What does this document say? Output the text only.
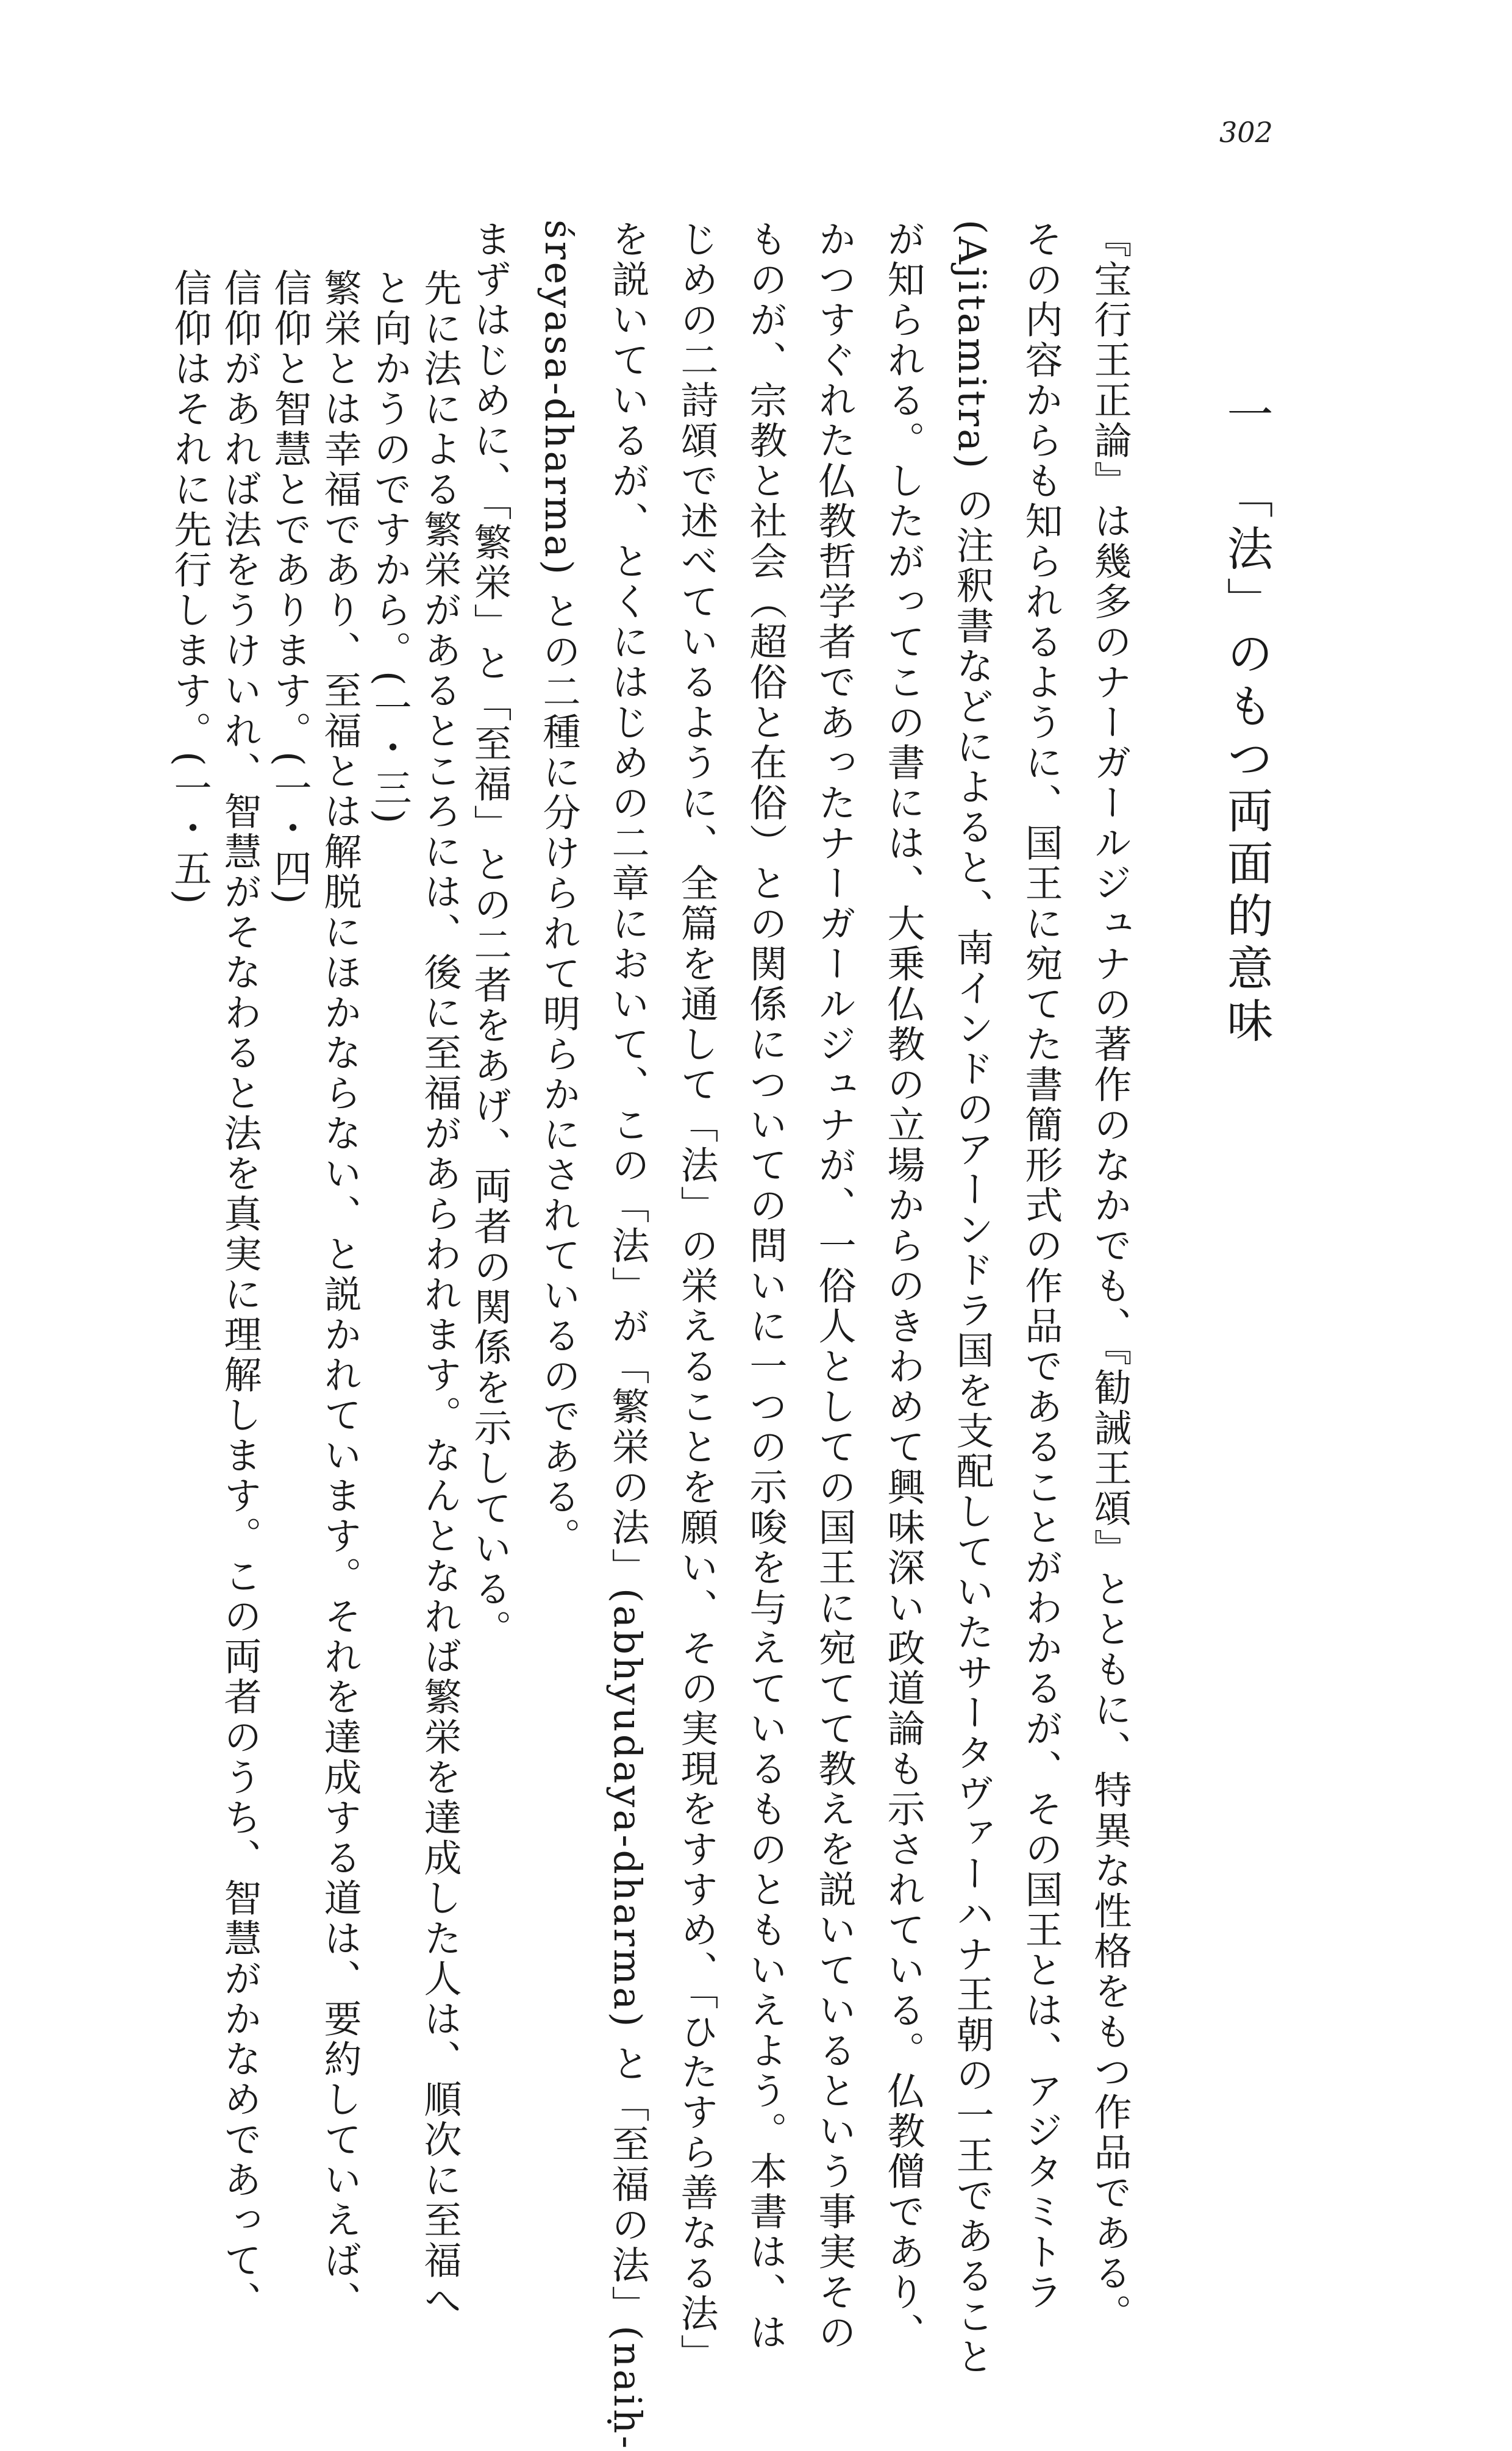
302
一　「法」のもつ両面的意味
『宝行王正論』は幾多のナーガールジュナの著作のなかでも、『勧誡王頌』とともに、特異な性格をもつ作品である。
その内容からも知られるように、国王に宛てた書簡形式の作品であることがわかるが、その国王とは、アジタミトラ
(Ajitamitra) の注釈書などによると、南インドのアーンドラ国を支配していたサータヴァーハナ王朝の一王であること
が知られる。したがってこの書には、大乗仏教の立場からのきわめて興味深い政道論も示されている。仏教僧であり、
かつすぐれた仏教哲学者であったナーガールジュナが、一俗人としての国王に宛てて教えを説いているという事実その
ものが、宗教と社会（超俗と在俗）との関係についての問いに一つの示唆を与えているものともいえよう。本書は、は
じめの二詩頌で述べているように、全篇を通して「法」の栄えることを願い、その実現をすすめ、「ひたすら善なる法」
を説いているが、とくにはじめの二章において、この「法」が「繁栄の法」(abhyudaya-dharma) と「至福の法」(naiḥ-
śreyasa-dharma) との二種に分けられて明らかにされているのである。
まずはじめに、「繁栄」と「至福」との二者をあげ、両者の関係を示している。
先に法による繁栄があるところには、後に至福があらわれます。なんとなれば繁栄を達成した人は、順次に至福へ
と向かうのですから。(一・三)
繁栄とは幸福であり、至福とは解脱にほかならない、と説かれています。それを達成する道は、要約していえば、
信仰と智慧とであります。(一・四)
信仰があれば法をうけいれ、智慧がそなわると法を真実に理解します。この両者のうち、智慧がかなめであって、
信仰はそれに先行します。(一・五)
